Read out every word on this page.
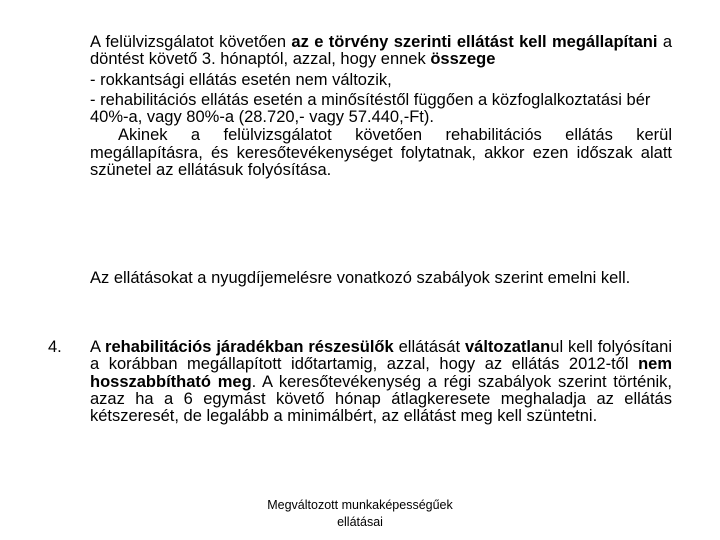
A felülvizsgálatot követően az e törvény szerinti ellátást kell megállapítani a döntést követő 3. hónaptól, azzal, hogy ennek összege

- rokkantsági ellátás esetén nem változik,

- rehabilitációs ellátás esetén a minősítéstől függően a közfoglalkoztatási bér 40%-a, vagy 80%-a (28.720,- vagy 57.440,-Ft).

Akinek a felülvizsgálatot követően rehabilitációs ellátás kerül megállapításra, és keresőtevékenységet folytatnak, akkor ezen időszak alatt szünetel az ellátásuk folyósítása.

Az ellátásokat a nyugdíjemelésre vonatkozó szabályok szerint emelni kell.

4. A rehabilitációs járadékban részesülők ellátását változatlanul kell folyósítani a korábban megállapított időtartamig, azzal, hogy az ellátás 2012-től nem hosszabbítható meg. A keresőtevékenység a régi szabályok szerint történik, azaz ha a 6 egymást követő hónap átlagkeresete meghaladja az ellátás kétszeresét, de legalább a minimálbért, az ellátást meg kell szüntetni.

Megváltozott munkaképességűek
ellátásai
